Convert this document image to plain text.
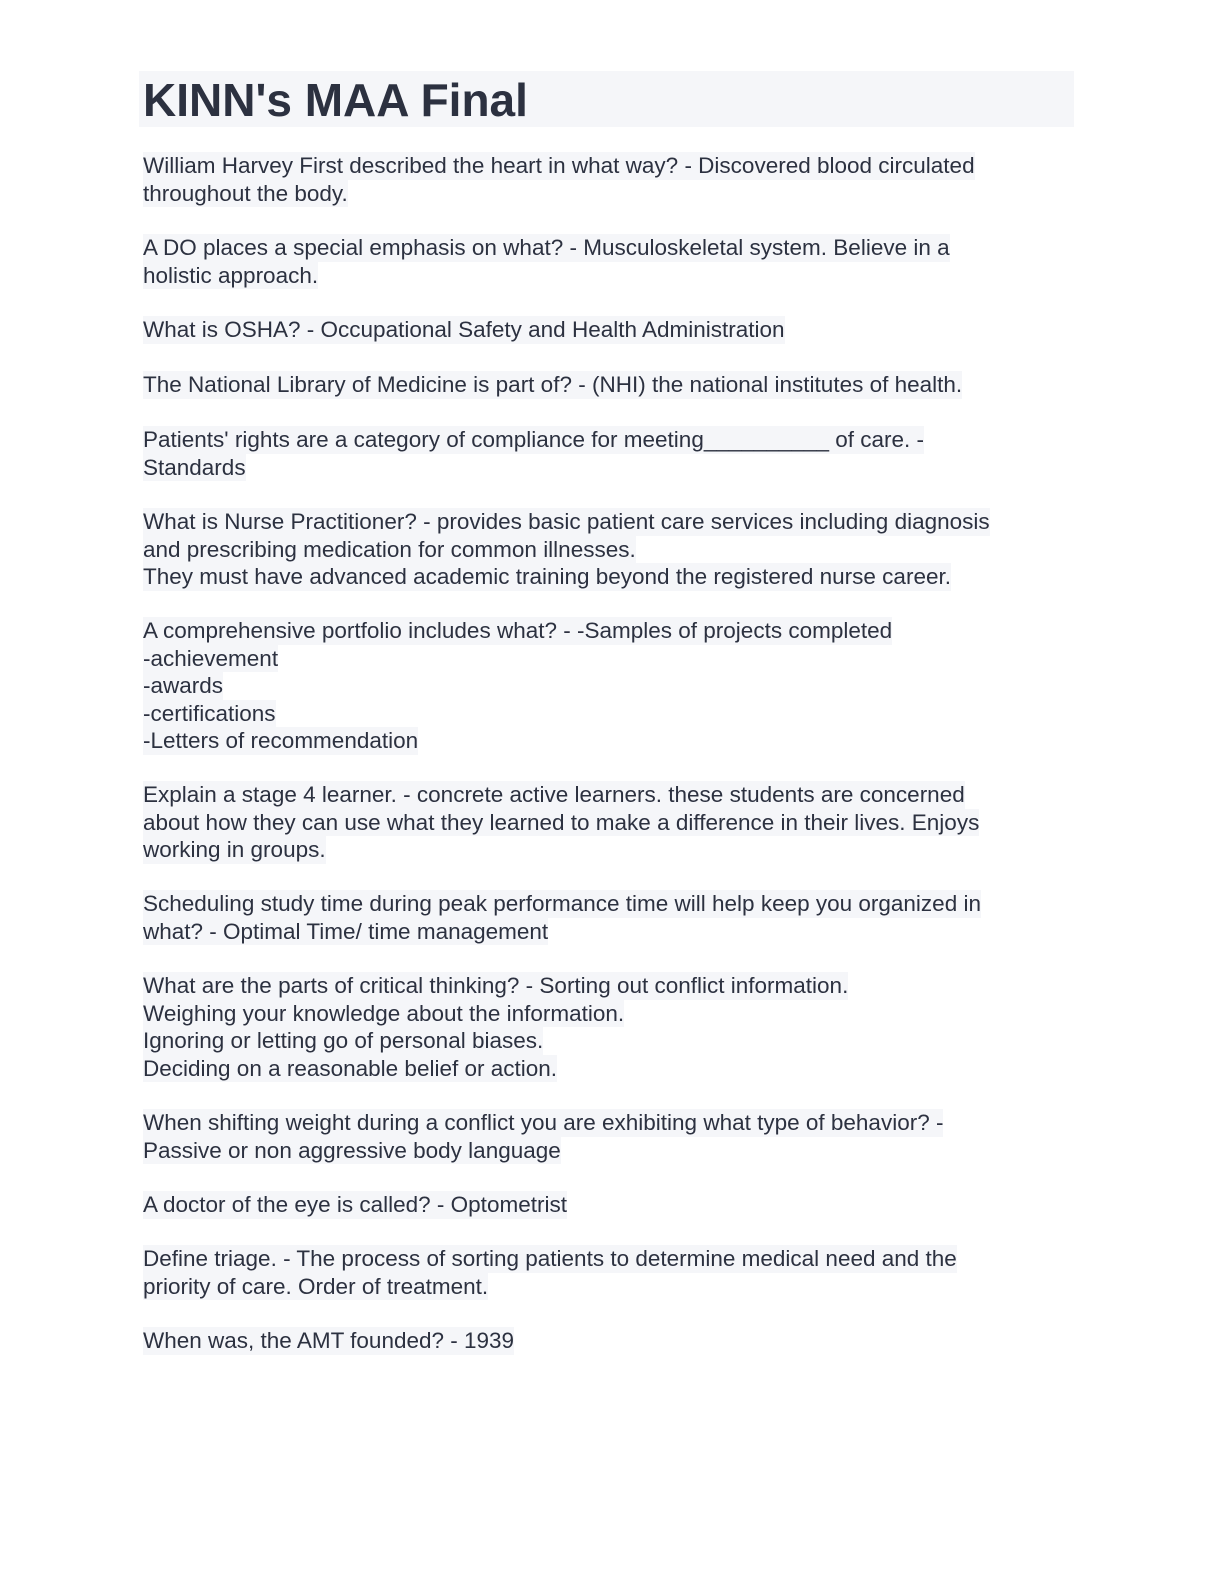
KINN's MAA Final
William Harvey First described the heart in what way? - Discovered blood circulated
throughout the body.
A DO places a special emphasis on what? - Musculoskeletal system. Believe in a
holistic approach.
What is OSHA? - Occupational Safety and Health Administration
The National Library of Medicine is part of? - (NHI) the national institutes of health.
Patients' rights are a category of compliance for meeting__________ of care. -
Standards
What is Nurse Practitioner? - provides basic patient care services including diagnosis
and prescribing medication for common illnesses.
They must have advanced academic training beyond the registered nurse career.
A comprehensive portfolio includes what? - -Samples of projects completed
-achievement
-awards
-certifications
-Letters of recommendation
Explain a stage 4 learner. - concrete active learners. these students are concerned
about how they can use what they learned to make a difference in their lives. Enjoys
working in groups.
Scheduling study time during peak performance time will help keep you organized in
what? - Optimal Time/ time management
What are the parts of critical thinking? - Sorting out conflict information.
Weighing your knowledge about the information.
Ignoring or letting go of personal biases.
Deciding on a reasonable belief or action.
When shifting weight during a conflict you are exhibiting what type of behavior? -
Passive or non aggressive body language
A doctor of the eye is called? - Optometrist
Define triage. - The process of sorting patients to determine medical need and the
priority of care. Order of treatment.
When was, the AMT founded? - 1939
